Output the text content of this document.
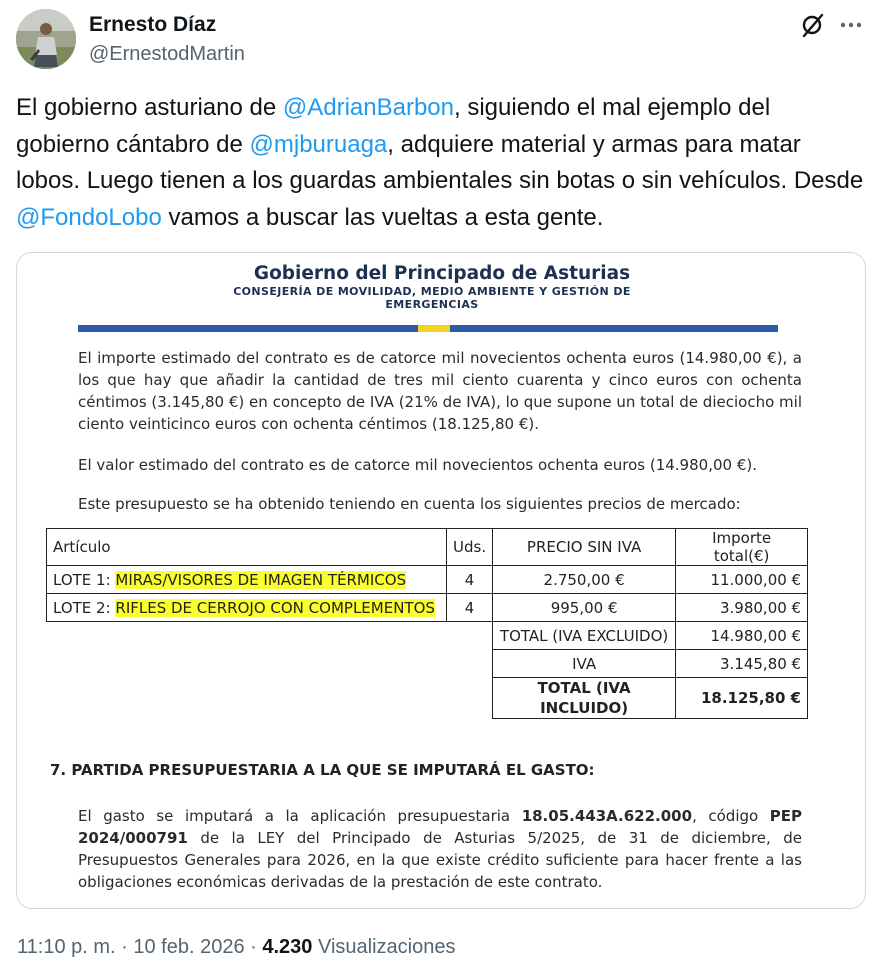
Ernesto Díaz
@ErnestodMartin
El gobierno asturiano de @AdrianBarbon, siguiendo el mal ejemplo del gobierno cántabro de @mjburuaga, adquiere material y armas para matar lobos. Luego tienen a los guardas ambientales sin botas o sin vehículos. Desde @FondoLobo vamos a buscar las vueltas a esta gente.
Gobierno del Principado de Asturias
CONSEJERÍA DE MOVILIDAD, MEDIO AMBIENTE Y GESTIÓN DE EMERGENCIAS
El importe estimado del contrato es de catorce mil novecientos ochenta euros (14.980,00 €), a los que hay que añadir la cantidad de tres mil ciento cuarenta y cinco euros con ochenta céntimos (3.145,80 €) en concepto de IVA (21% de IVA), lo que supone un total de dieciocho mil ciento veinticinco euros con ochenta céntimos (18.125,80 €).
El valor estimado del contrato es de catorce mil novecientos ochenta euros (14.980,00 €).
Este presupuesto se ha obtenido teniendo en cuenta los siguientes precios de mercado:
Artículo	Uds.	PRECIO SIN IVA	Importe total(€)
LOTE 1: MIRAS/VISORES DE IMAGEN TÉRMICOS	4	2.750,00 €	11.000,00 €
LOTE 2: RIFLES DE CERROJO CON COMPLEMENTOS	4	995,00 €	3.980,00 €
		TOTAL (IVA EXCLUIDO)	14.980,00 €
		IVA	3.145,80 €
		TOTAL (IVA
INCLUIDO)	18.125,80 €
7. PARTIDA PRESUPUESTARIA A LA QUE SE IMPUTARÁ EL GASTO:
El gasto se imputará a la aplicación presupuestaria 18.05.443A.622.000, código PEP 2024/000791 de la LEY del Principado de Asturias 5/2025, de 31 de diciembre, de Presupuestos Generales para 2026, en la que existe crédito suficiente para hacer frente a las obligaciones económicas derivadas de la prestación de este contrato.
11:10 p. m. · 10 feb. 2026 · 4.230 Visualizaciones
